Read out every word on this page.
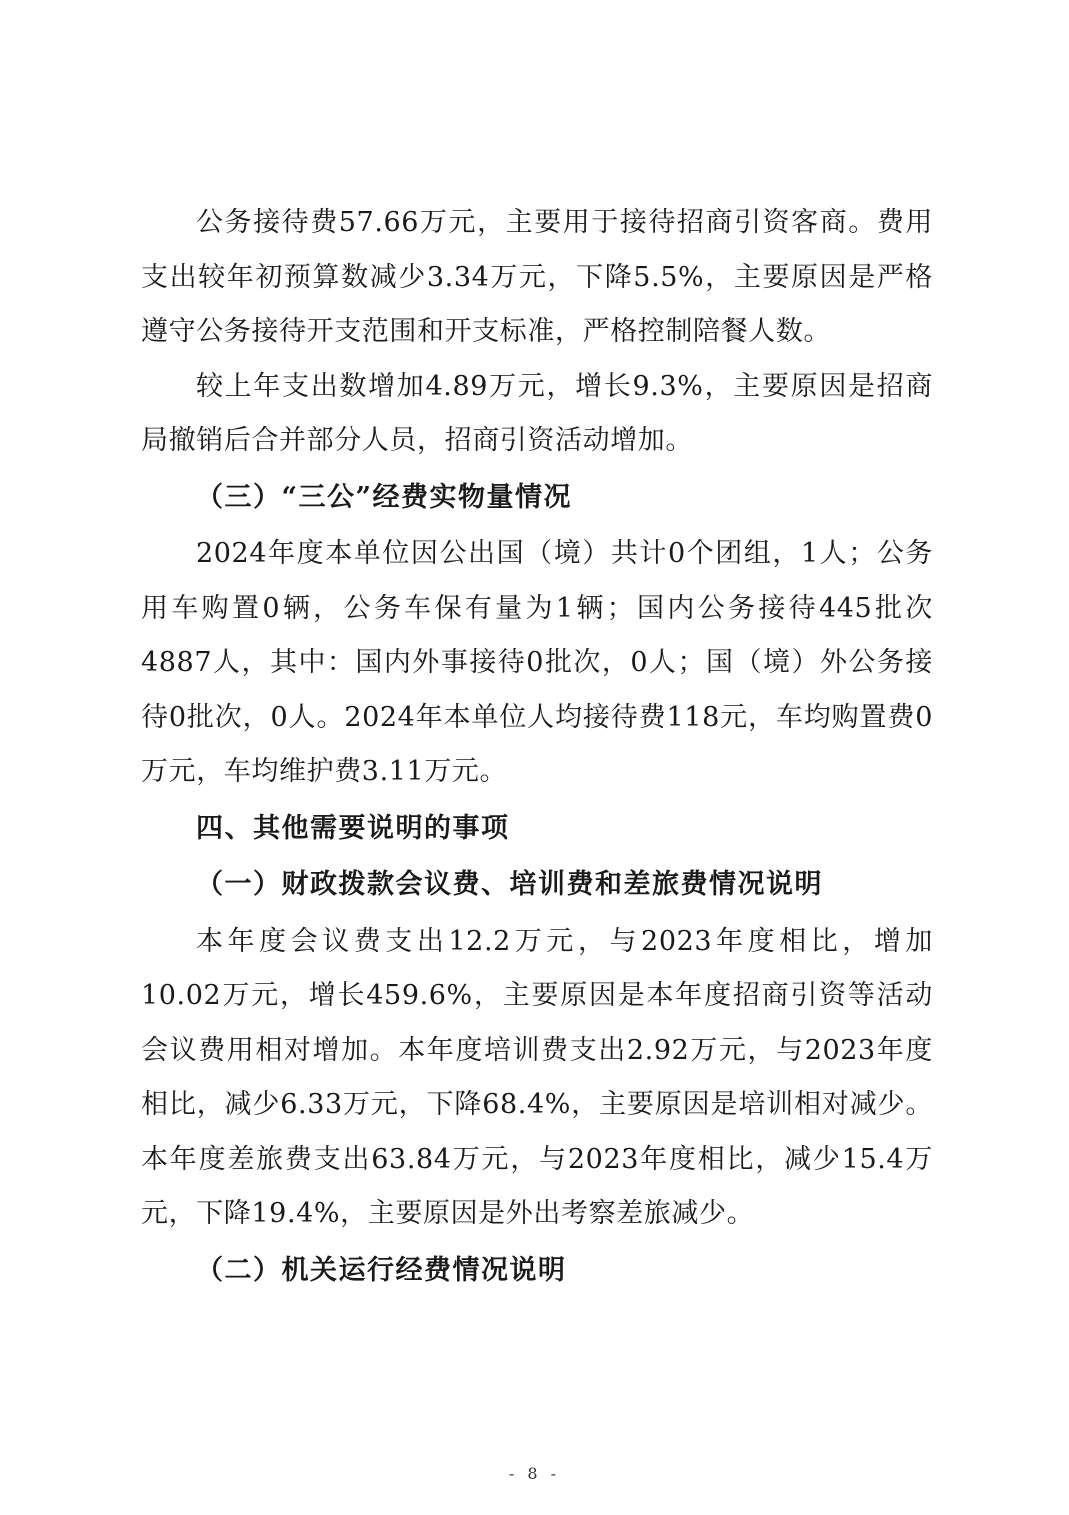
公务接待费57.66万元，主要用于接待招商引资客商。费用支出较年初预算数减少3.34万元，下降5.5%，主要原因是严格遵守公务接待开支范围和开支标准，严格控制陪餐人数。

较上年支出数增加4.89万元，增长9.3%，主要原因是招商局撤销后合并部分人员，招商引资活动增加。

（三）“三公”经费实物量情况

2024年度本单位因公出国（境）共计0个团组，1人；公务用车购置0辆，公务车保有量为1辆；国内公务接待445批次4887人，其中：国内外事接待0批次，0人；国（境）外公务接待0批次，0人。2024年本单位人均接待费118元，车均购置费0万元，车均维护费3.11万元。

四、其他需要说明的事项

（一）财政拨款会议费、培训费和差旅费情况说明

本年度会议费支出12.2万元，与2023年度相比，增加10.02万元，增长459.6%，主要原因是本年度招商引资等活动会议费用相对增加。本年度培训费支出2.92万元，与2023年度相比，减少6.33万元，下降68.4%，主要原因是培训相对减少。本年度差旅费支出63.84万元，与2023年度相比，减少15.4万元，下降19.4%，主要原因是外出考察差旅减少。

（二）机关运行经费情况说明

- 8 -
